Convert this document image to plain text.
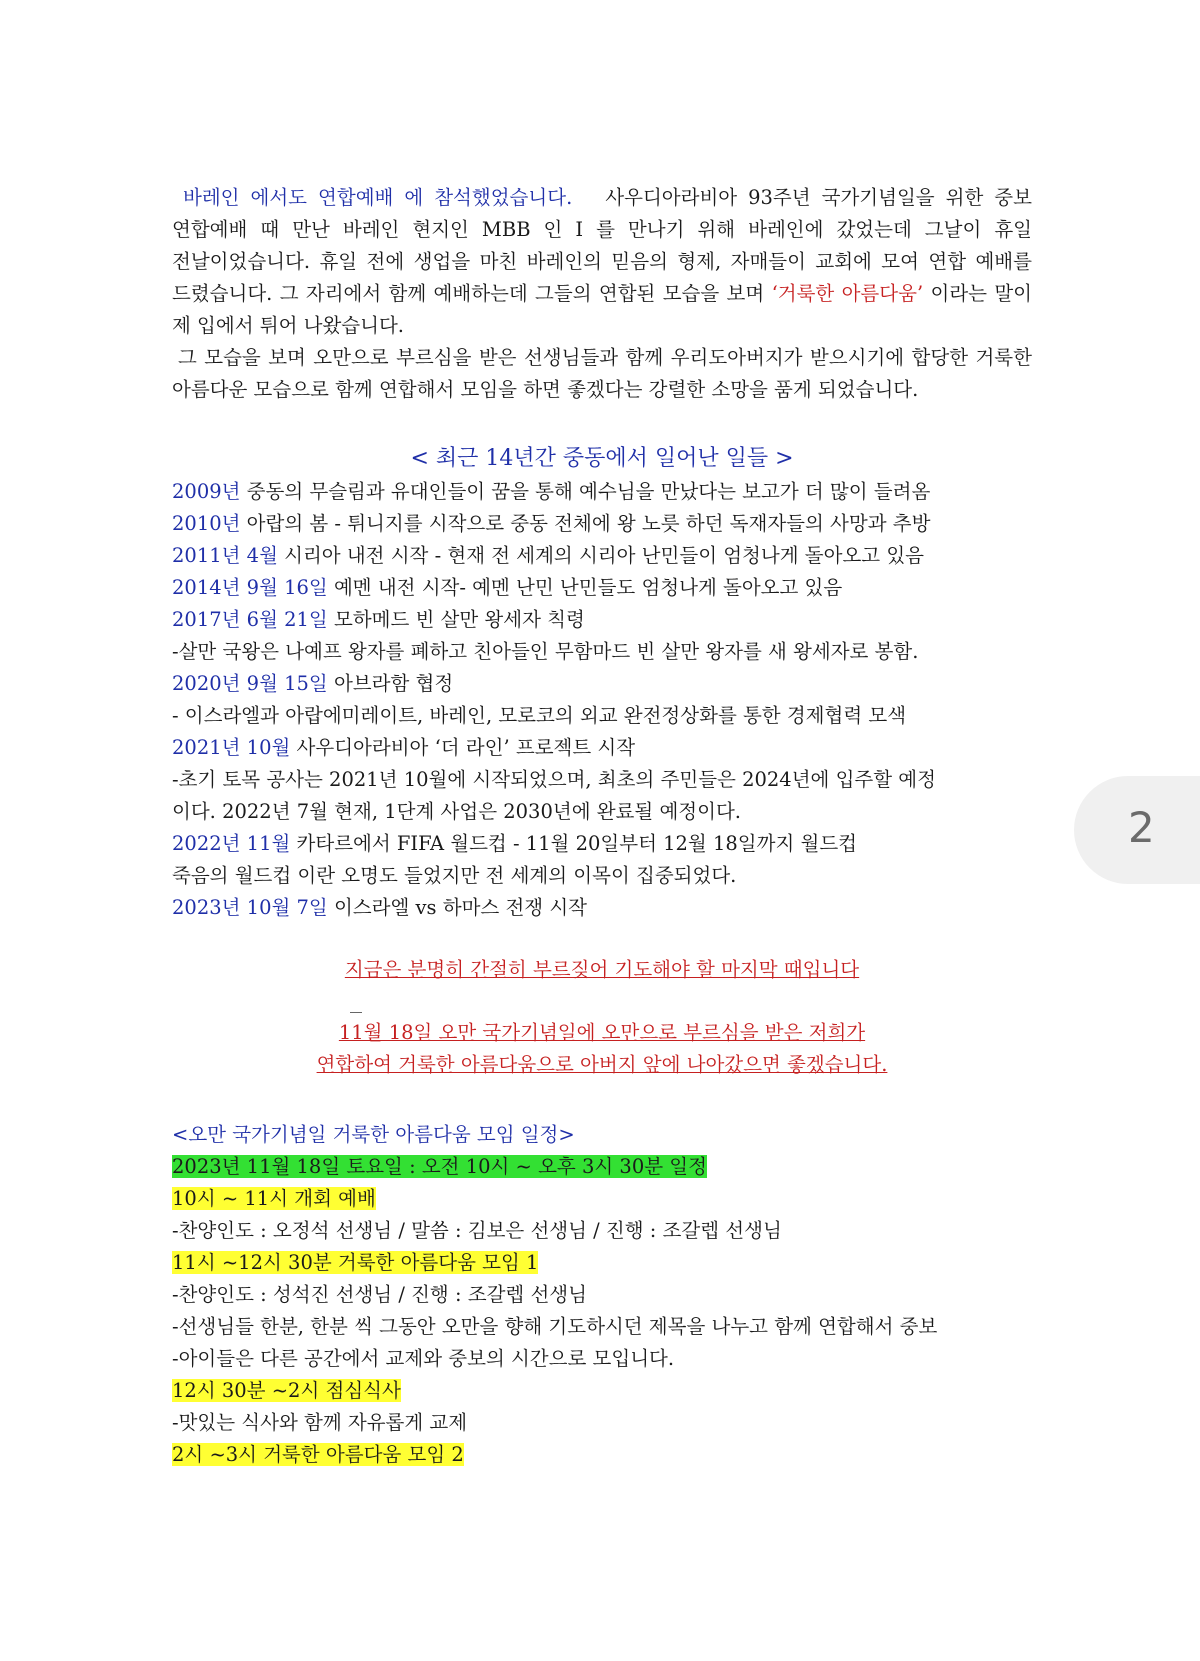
바레인 에서도 연합예배 에 참석했었습니다. 사우디아라비아 93주년 국가기념일을 위한 중보 연합예배 때 만난 바레인 현지인 MBB 인 I 를 만나기 위해 바레인에 갔었는데 그날이 휴일 전날이었습니다. 휴일 전에 생업을 마친 바레인의 믿음의 형제, 자매들이 교회에 모여 연합 예배를 드렸습니다. 그 자리에서 함께 예배하는데 그들의 연합된 모습을 보며 ‘거룩한 아름다움’ 이라는 말이 제 입에서 튀어 나왔습니다.

그 모습을 보며 오만으로 부르심을 받은 선생님들과 함께 우리도아버지가 받으시기에 합당한 거룩한 아름다운 모습으로 함께 연합해서 모임을 하면 좋겠다는 강렬한 소망을 품게 되었습니다.

< 최근 14년간 중동에서 일어난 일들 >

2009년 중동의 무슬림과 유대인들이 꿈을 통해 예수님을 만났다는 보고가 더 많이 들려옴

2010년 아랍의 봄 - 튀니지를 시작으로 중동 전체에 왕 노릇 하던 독재자들의 사망과 추방

2011년 4월 시리아 내전 시작 - 현재 전 세계의 시리아 난민들이 엄청나게 돌아오고 있음

2014년 9월 16일 예멘 내전 시작- 예멘 난민 난민들도 엄청나게 돌아오고 있음

2017년 6월 21일 모하메드 빈 살만 왕세자 칙령

-살만 국왕은 나예프 왕자를 폐하고 친아들인 무함마드 빈 살만 왕자를 새 왕세자로 봉함.

2020년 9월 15일 아브라함 협정

- 이스라엘과 아랍에미레이트, 바레인, 모로코의 외교 완전정상화를 통한 경제협력 모색

2021년 10월 사우디아라비아 ‘더 라인’ 프로젝트 시작

-초기 토목 공사는 2021년 10월에 시작되었으며, 최초의 주민들은 2024년에 입주할 예정

이다. 2022년 7월 현재, 1단계 사업은 2030년에 완료될 예정이다.

2022년 11월 카타르에서 FIFA 월드컵 - 11월 20일부터 12월 18일까지 월드컵

죽음의 월드컵 이란 오명도 들었지만 전 세계의 이목이 집중되었다.

2023년 10월 7일 이스라엘 vs 하마스 전쟁 시작

지금은 분명히 간절히 부르짖어 기도해야 할 마지막 때입니다

11월 18일 오만 국가기념일에 오만으로 부르심을 받은 저희가

연합하여 거룩한 아름다움으로 아버지 앞에 나아갔으면 좋겠습니다.

<오만 국가기념일 거룩한 아름다움 모임 일정>

2023년 11월 18일 토요일 : 오전 10시 ~ 오후 3시 30분 일정

10시 ~ 11시 개회 예배

-찬양인도 : 오정석 선생님 / 말씀 : 김보은 선생님 / 진행 : 조갈렙 선생님

11시 ~12시 30분 거룩한 아름다움 모임 1

-찬양인도 : 성석진 선생님 / 진행 : 조갈렙 선생님

-선생님들 한분, 한분 씩 그동안 오만을 향해 기도하시던 제목을 나누고 함께 연합해서 중보

-아이들은 다른 공간에서 교제와 중보의 시간으로 모입니다.

12시 30분 ~2시 점심식사

-맛있는 식사와 함께 자유롭게 교제

2시 ~3시 거룩한 아름다움 모임 2

2
